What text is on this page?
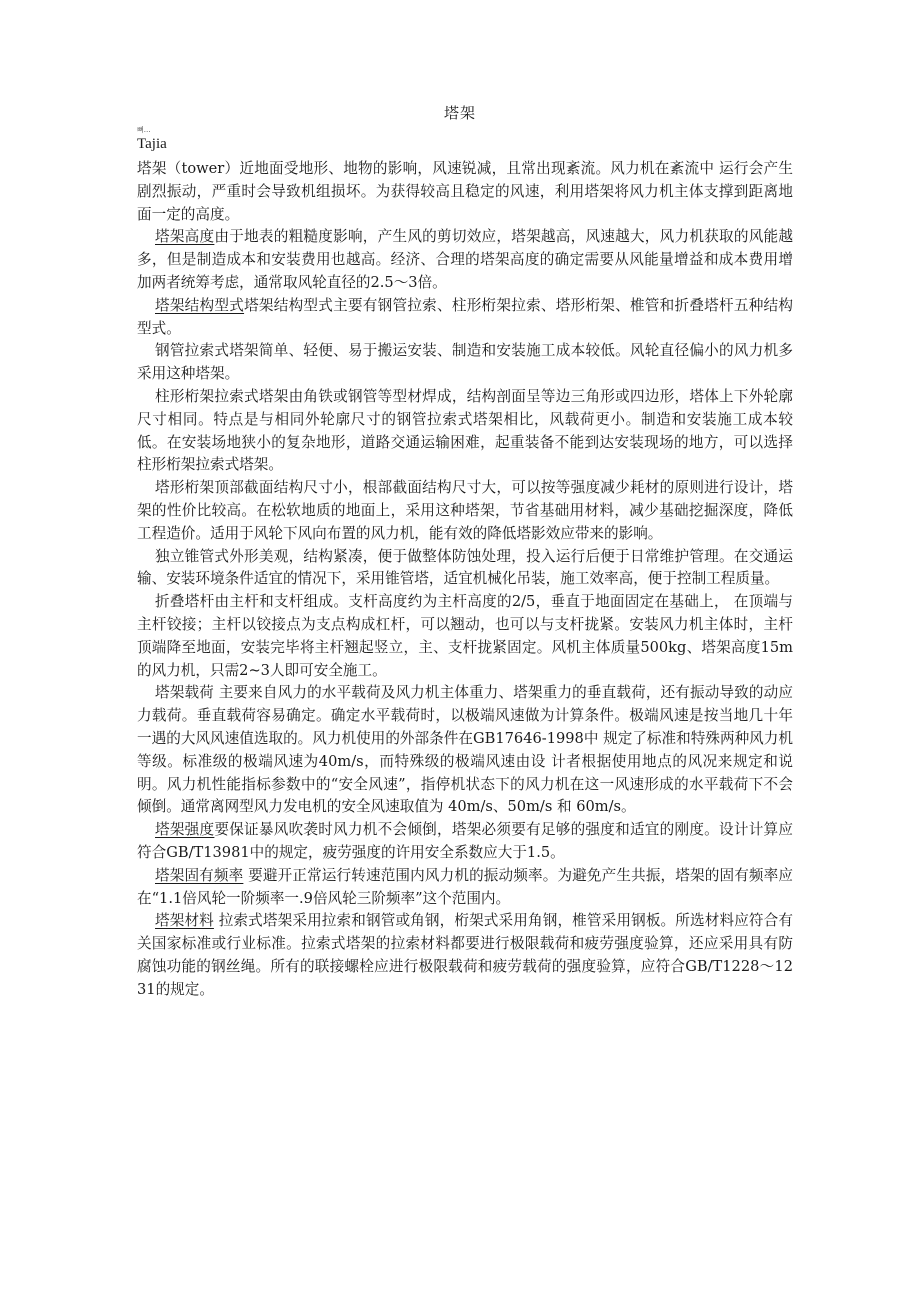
塔架
뼈.‥
Tajia

塔架（tower）近地面受地形、地物的影响，风速锐减，且常出现紊流。风力机在紊流中 运行会产生剧烈振动，严重时会导致机组损坏。为获得较高且稳定的风速，利用塔架将风力机主体支撑到距离地面一定的高度。

塔架高度由于地表的粗糙度影响，产生风的剪切效应，塔架越高，风速越大，风力机获取的风能越多，但是制造成本和安装费用也越高。经济、合理的塔架高度的确定需要从风能量增益和成本费用增加两者统筹考虑，通常取风轮直径的2.5～3倍。

塔架结构型式塔架结构型式主要有钢管拉索、柱形桁架拉索、塔形桁架、椎管和折叠塔杆五种结构型式。

钢管拉索式塔架简单、轻便、易于搬运安装、制造和安装施工成本较低。风轮直径偏小的风力机多采用这种塔架。

柱形桁架拉索式塔架由角铁或钢管等型材焊成，结构剖面呈等边三角形或四边形，塔体上下外轮廓尺寸相同。特点是与相同外轮廓尺寸的钢管拉索式塔架相比，风载荷更小。制造和安装施工成本较低。在安装场地狭小的复杂地形，道路交通运输困难，起重装备不能到达安装现场的地方，可以选择柱形桁架拉索式塔架。

塔形桁架顶部截面结构尺寸小，根部截面结构尺寸大，可以按等强度减少耗材的原则进行设计，塔架的性价比较高。在松软地质的地面上，采用这种塔架，节省基础用材料，减少基础挖掘深度，降低工程造价。适用于风轮下风向布置的风力机，能有效的降低塔影效应带来的影响。

独立锥管式外形美观，结构紧凑，便于做整体防蚀处理，投入运行后便于日常维护管理。在交通运输、安装环境条件适宜的情况下，采用锥管塔，适宜机械化吊装，施工效率高，便于控制工程质量。

折叠塔杆由主杆和支杆组成。支杆高度约为主杆高度的2/5，垂直于地面固定在基础上， 在顶端与主杆铰接；主杆以铰接点为支点构成杠杆，可以翘动，也可以与支杆拢紧。安装风力机主体时，主杆顶端降至地面，安装完毕将主杆翘起竖立，主、支杆拢紧固定。风机主体质量500kg、塔架高度15m的风力机，只需2~3人即可安全施工。

塔架载荷 主要来自风力的水平载荷及风力机主体重力、塔架重力的垂直载荷，还有振动导致的动应力载荷。垂直载荷容易确定。确定水平载荷时，以极端风速做为计算条件。极端风速是按当地几十年一遇的大风风速值选取的。风力机使用的外部条件在GB17646-1998中 规定了标准和特殊两种风力机等级。标准级的极端风速为40m/s，而特殊级的极端风速由设 计者根据使用地点的风况来规定和说明。风力机性能指标参数中的“安全风速”，指停机状态下的风力机在这一风速形成的水平载荷下不会倾倒。通常离网型风力发电机的安全风速取值为 40m/s、50m/s 和 60m/s。

塔架强度要保证暴风吹袭时风力机不会倾倒，塔架必须要有足够的强度和适宜的刚度。设计计算应符合GB/T13981中的规定，疲劳强度的许用安全系数应大于1.5。

塔架固有频率 要避开正常运行转速范围内风力机的振动频率。为避免产生共振，塔架的固有频率应在“1.1倍风轮一阶频率一.9倍风轮三阶频率”这个范围内。

塔架材料 拉索式塔架采用拉索和钢管或角钢，桁架式采用角钢，椎管采用钢板。所选材料应符合有关国家标准或行业标准。拉索式塔架的拉索材料都要进行极限载荷和疲劳强度验算，还应采用具有防腐蚀功能的钢丝绳。所有的联接螺栓应进行极限载荷和疲劳载荷的强度验算，应符合GB/T1228～1231的规定。
